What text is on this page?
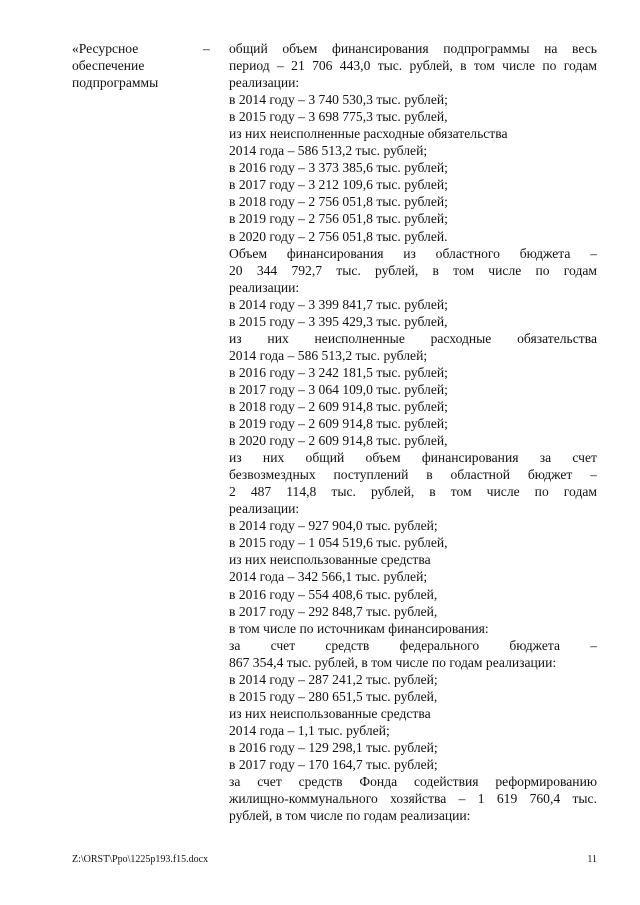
«Ресурсное
обеспечение
подпрограммы
– общий объем финансирования подпрограммы на весь
период – 21 706 443,0 тыс. рублей, в том числе по годам
реализации:
в 2014 году – 3 740 530,3 тыс. рублей;
в 2015 году – 3 698 775,3 тыс. рублей,
из них неисполненные расходные обязательства
2014 года – 586 513,2 тыс. рублей;
в 2016 году – 3 373 385,6 тыс. рублей;
в 2017 году – 3 212 109,6 тыс. рублей;
в 2018 году – 2 756 051,8 тыс. рублей;
в 2019 году – 2 756 051,8 тыс. рублей;
в 2020 году – 2 756 051,8 тыс. рублей.
Объем финансирования из областного бюджета –
20 344 792,7 тыс. рублей, в том числе по годам
реализации:
в 2014 году – 3 399 841,7 тыс. рублей;
в 2015 году – 3 395 429,3 тыс. рублей,
из них неисполненные расходные обязательства
2014 года – 586 513,2 тыс. рублей;
в 2016 году – 3 242 181,5 тыс. рублей;
в 2017 году – 3 064 109,0 тыс. рублей;
в 2018 году – 2 609 914,8 тыс. рублей;
в 2019 году – 2 609 914,8 тыс. рублей;
в 2020 году – 2 609 914,8 тыс. рублей,
из них общий объем финансирования за счет
безвозмездных поступлений в областной бюджет –
2 487 114,8 тыс. рублей, в том числе по годам
реализации:
в 2014 году – 927 904,0 тыс. рублей;
в 2015 году – 1 054 519,6 тыс. рублей,
из них неиспользованные средства
2014 года – 342 566,1 тыс. рублей;
в 2016 году – 554 408,6 тыс. рублей,
в 2017 году – 292 848,7 тыс. рублей,
в том числе по источникам финансирования:
за счет средств федерального бюджета –
867 354,4 тыс. рублей, в том числе по годам реализации:
в 2014 году – 287 241,2 тыс. рублей;
в 2015 году – 280 651,5 тыс. рублей,
из них неиспользованные средства
2014 года – 1,1 тыс. рублей;
в 2016 году – 129 298,1 тыс. рублей;
в 2017 году – 170 164,7 тыс. рублей;
за счет средств Фонда содействия реформированию
жилищно-коммунального хозяйства – 1 619 760,4 тыс.
рублей, в том числе по годам реализации:
Z:\ORST\Ppo\1225p193.f15.docx	11
